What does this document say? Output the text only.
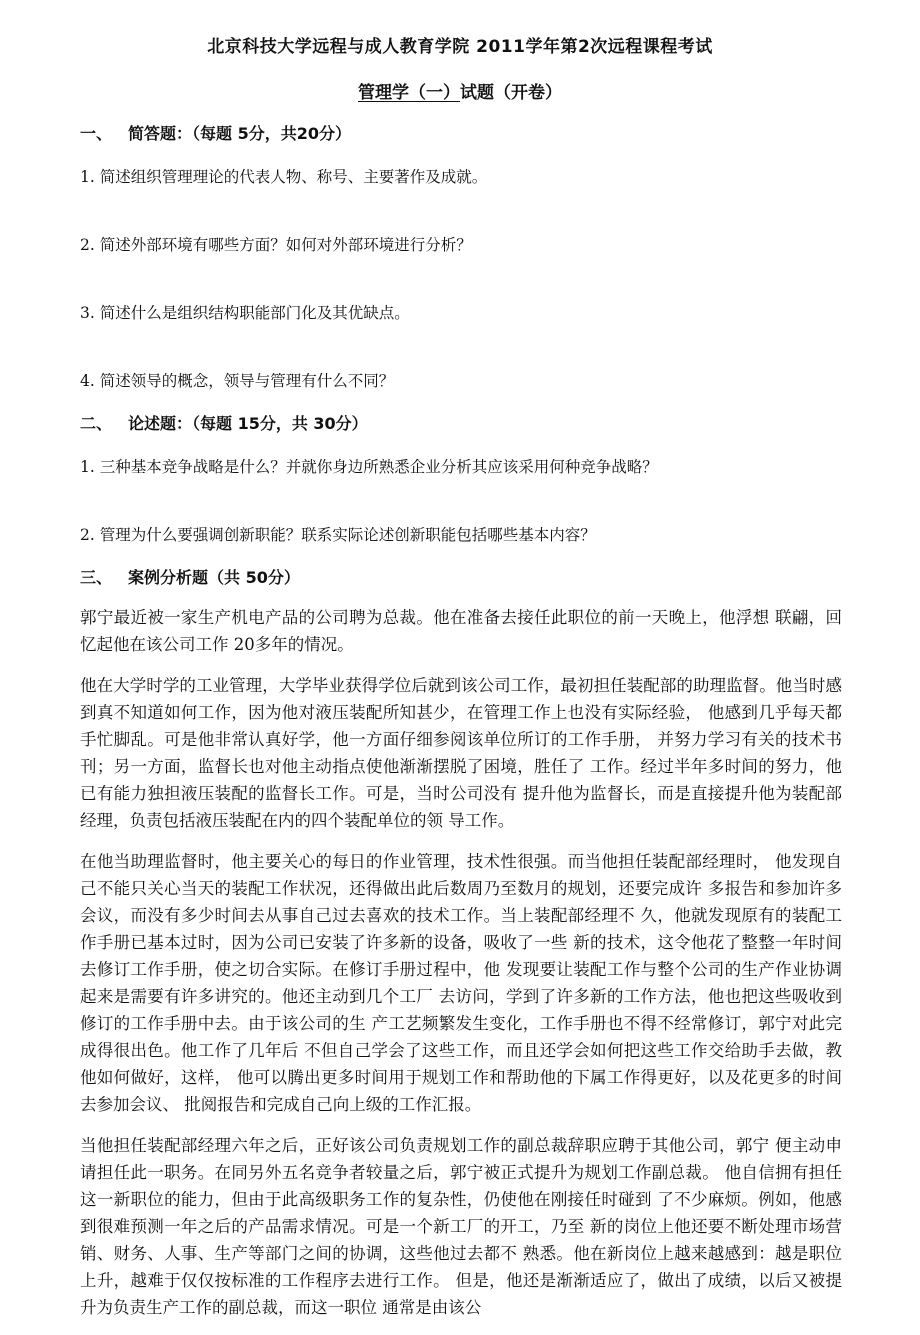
北京科技大学远程与成人教育学院 2011学年第2次远程课程考试
管理学（一）试题（开卷）

一、 简答题：（每题 5分，共20分）

1. 简述组织管理理论的代表人物、称号、主要著作及成就。

2. 简述外部环境有哪些方面？如何对外部环境进行分析？

3. 简述什么是组织结构职能部门化及其优缺点。

4. 简述领导的概念，领导与管理有什么不同？

二、 论述题：（每题 15分，共 30分）

1. 三种基本竞争战略是什么？并就你身边所熟悉企业分析其应该采用何种竞争战略？

2. 管理为什么要强调创新职能？联系实际论述创新职能包括哪些基本内容？

三、 案例分析题（共 50分）

郭宁最近被一家生产机电产品的公司聘为总裁。他在准备去接任此职位的前一天晚上，他浮想 联翩，回忆起他在该公司工作 20多年的情况。

他在大学时学的工业管理，大学毕业获得学位后就到该公司工作，最初担任装配部的助理监督。他当时感到真不知道如何工作，因为他对液压装配所知甚少，在管理工作上也没有实际经验， 他感到几乎每天都手忙脚乱。可是他非常认真好学，他一方面仔细参阅该单位所订的工作手册， 并努力学习有关的技术书刊；另一方面，监督长也对他主动指点使他渐渐摆脱了困境，胜任了 工作。经过半年多时间的努力，他已有能力独担液压装配的监督长工作。可是，当时公司没有 提升他为监督长，而是直接提升他为装配部经理，负责包括液压装配在内的四个装配单位的领 导工作。

在他当助理监督时，他主要关心的每日的作业管理，技术性很强。而当他担任装配部经理时， 他发现自己不能只关心当天的装配工作状况，还得做出此后数周乃至数月的规划，还要完成许 多报告和参加许多会议，而没有多少时间去从事自己过去喜欢的技术工作。当上装配部经理不 久，他就发现原有的装配工作手册已基本过时，因为公司已安装了许多新的设备，吸收了一些 新的技术，这令他花了整整一年时间去修订工作手册，使之切合实际。在修订手册过程中，他 发现要让装配工作与整个公司的生产作业协调起来是需要有许多讲究的。他还主动到几个工厂 去访问，学到了许多新的工作方法，他也把这些吸收到修订的工作手册中去。由于该公司的生 产工艺频繁发生变化，工作手册也不得不经常修订，郭宁对此完成得很出色。他工作了几年后 不但自己学会了这些工作，而且还学会如何把这些工作交给助手去做，教他如何做好，这样， 他可以腾出更多时间用于规划工作和帮助他的下属工作得更好，以及花更多的时间去参加会议、 批阅报告和完成自己向上级的工作汇报。

当他担任装配部经理六年之后，正好该公司负责规划工作的副总裁辞职应聘于其他公司，郭宁 便主动申请担任此一职务。在同另外五名竞争者较量之后，郭宁被正式提升为规划工作副总裁。 他自信拥有担任这一新职位的能力，但由于此高级职务工作的复杂性，仍使他在刚接任时碰到 了不少麻烦。例如，他感到很难预测一年之后的产品需求情况。可是一个新工厂的开工，乃至 新的岗位上他还要不断处理市场营销、财务、人事、生产等部门之间的协调，这些他过去都不 熟悉。他在新岗位上越来越感到：越是职位上升，越难于仅仅按标准的工作程序去进行工作。 但是，他还是渐渐适应了，做出了成绩，以后又被提升为负责生产工作的副总裁，而这一职位 通常是由该公
